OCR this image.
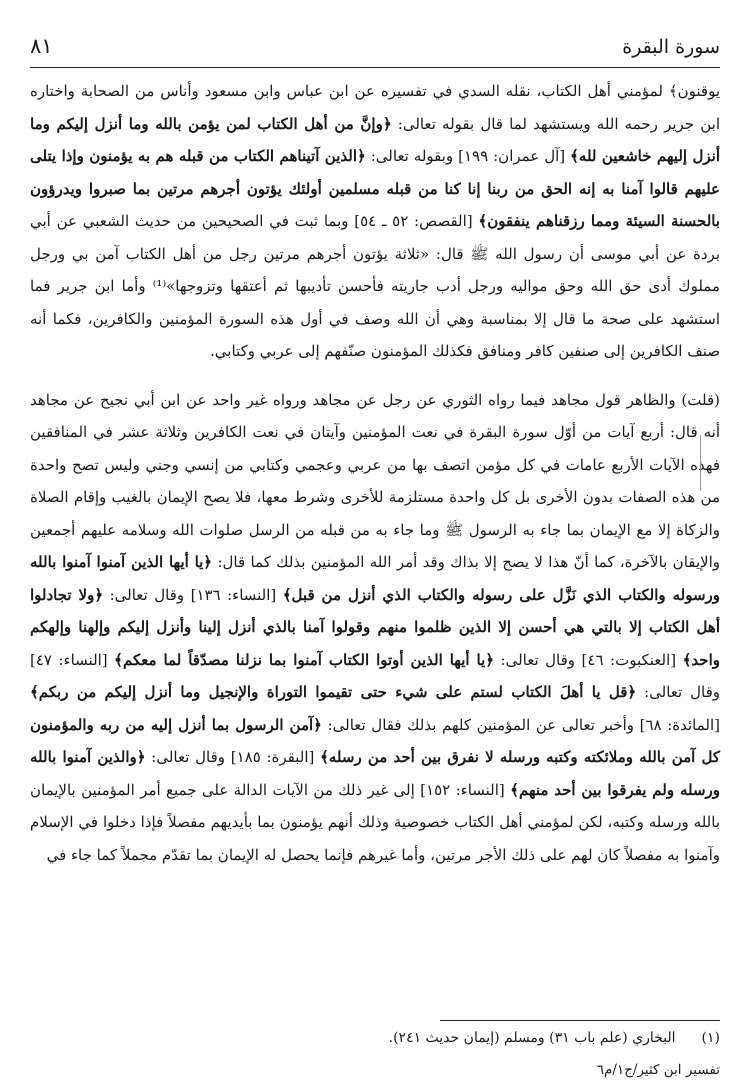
سورة البقرة
٨١

يوقنون﴾ لمؤمني أهل الكتاب، نقله السدي في تفسيره عن ابن عباس وابن مسعود وأناس من الصحابة واختاره ابن جرير رحمه الله ويستشهد لما قال بقوله تعالى: ﴿وإنَّ من أهل الكتاب لمن يؤمن بالله وما أنزل إليكم وما أنزل إليهم خاشعين لله﴾ [آل عمران: ١٩٩] وبقوله تعالى: ﴿الذين آتيناهم الكتاب من قبله هم به يؤمنون وإذا يتلى عليهم قالوا آمنا به إنه الحق من ربنا إنا كنا من قبله مسلمين أولئك يؤتون أجرهم مرتين بما صبروا ويدرؤون بالحسنة السيئة ومما رزقناهم ينفقون﴾ [القصص: ٥٢ ـ ٥٤] وبما ثبت في الصحيحين من حديث الشعبي عن أبي بردة عن أبي موسى أن رسول الله ﷺ قال: «ثلاثة يؤتون أجرهم مرتين رجل من أهل الكتاب آمن بي ورجل مملوك أدى حق الله وحق مواليه ورجل أدب جاريته فأحسن تأديبها ثم أعتقها وتزوجها»⁽¹⁾ وأما ابن جرير فما استشهد على صحة ما قال إلا بمناسبة وهي أن الله وصف في أول هذه السورة المؤمنين والكافرين، فكما أنه صنف الكافرين إلى صنفين كافر ومنافق فكذلك المؤمنون صنّفهم إلى عربي وكتابي.

(قلت) والظاهر قول مجاهد فيما رواه الثوري عن رجل عن مجاهد ورواه غير واحد عن ابن أبي نجيح عن مجاهد أنه قال: أربع آيات من أوّل سورة البقرة في نعت المؤمنين وآيتان في نعت الكافرين وثلاثة عشر في المنافقين فهذه الآيات الأربع عامات في كل مؤمن اتصف بها من عربي وعجمي وكتابي من إنسي وجني وليس تصح واحدة من هذه الصفات بدون الأخرى بل كل واحدة مستلزمة للأخرى وشرط معها، فلا يصح الإيمان بالغيب وإقام الصلاة والزكاة إلا مع الإيمان بما جاء به الرسول ﷺ وما جاء به من قبله من الرسل صلوات الله وسلامه عليهم أجمعين والإيقان بالآخرة، كما أنّ هذا لا يصح إلا بذاك وقد أمر الله المؤمنين بذلك كما قال: ﴿يا أيها الذين آمنوا آمنوا بالله ورسوله والكتاب الذي نَزَّل على رسوله والكتاب الذي أنزل من قبل﴾ [النساء: ١٣٦] وقال تعالى: ﴿ولا تجادلوا أهل الكتاب إلا بالتي هي أحسن إلا الذين ظلموا منهم وقولوا آمنا بالذي أنزل إلينا وأنزل إليكم وإلهنا وإلهكم واحد﴾ [العنكبوت: ٤٦] وقال تعالى: ﴿يا أيها الذين أوتوا الكتاب آمنوا بما نزلنا مصدّقاً لما معكم﴾ [النساء: ٤٧] وقال تعالى: ﴿قل يا أهلَ الكتاب لستم على شيء حتى تقيموا التوراة والإنجيل وما أنزل إليكم من ربكم﴾ [المائدة: ٦٨] وأخبر تعالى عن المؤمنين كلهم بذلك فقال تعالى: ﴿آمن الرسول بما أنزل إليه من ربه والمؤمنون كل آمن بالله وملائكته وكتبه ورسله لا نفرق بين أحد من رسله﴾ [البقرة: ١٨٥] وقال تعالى: ﴿والذين آمنوا بالله ورسله ولم يفرقوا بين أحد منهم﴾ [النساء: ١٥٢] إلى غير ذلك من الآيات الدالة على جميع أمر المؤمنين بالإيمان بالله ورسله وكتبه، لكن لمؤمني أهل الكتاب خصوصية وذلك أنهم يؤمنون بما بأيديهم مفصلاً فإذا دخلوا في الإسلام وآمنوا به مفصلاً كان لهم على ذلك الأجر مرتين، وأما غيرهم فإنما يحصل له الإيمان بما تقدّم مجملاً كما جاء في

(١)البخاري (علم باب ٣١) ومسلم (إيمان حديث ٢٤١).
تفسير ابن كثير/ج١/م٦
